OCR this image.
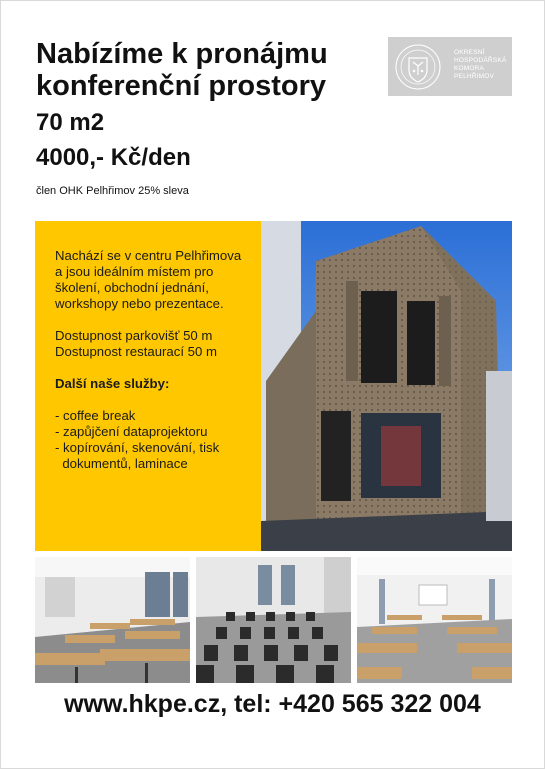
Nabízíme k pronájmu
konferenční prostory
70 m2
4000,- Kč/den
člen OHK Pelhřimov 25% sleva
OKRESNÍ
HOSPODÁŘSKÁ
KOMORA
PELHŘIMOV

Nachází se v centru Pelhřimova a jsou ideálním místem pro školení, obchodní jednání, workshopy nebo prezentace.

Dostupnost parkovišť 50 m

Dostupnost restaurací 50 m

Další naše služby:

- coffee break

- zapůjčení dataprojektoru

- kopírování, skenování, tisk

dokumentů, laminace

www.hkpe.cz, tel: +420 565 322 004
